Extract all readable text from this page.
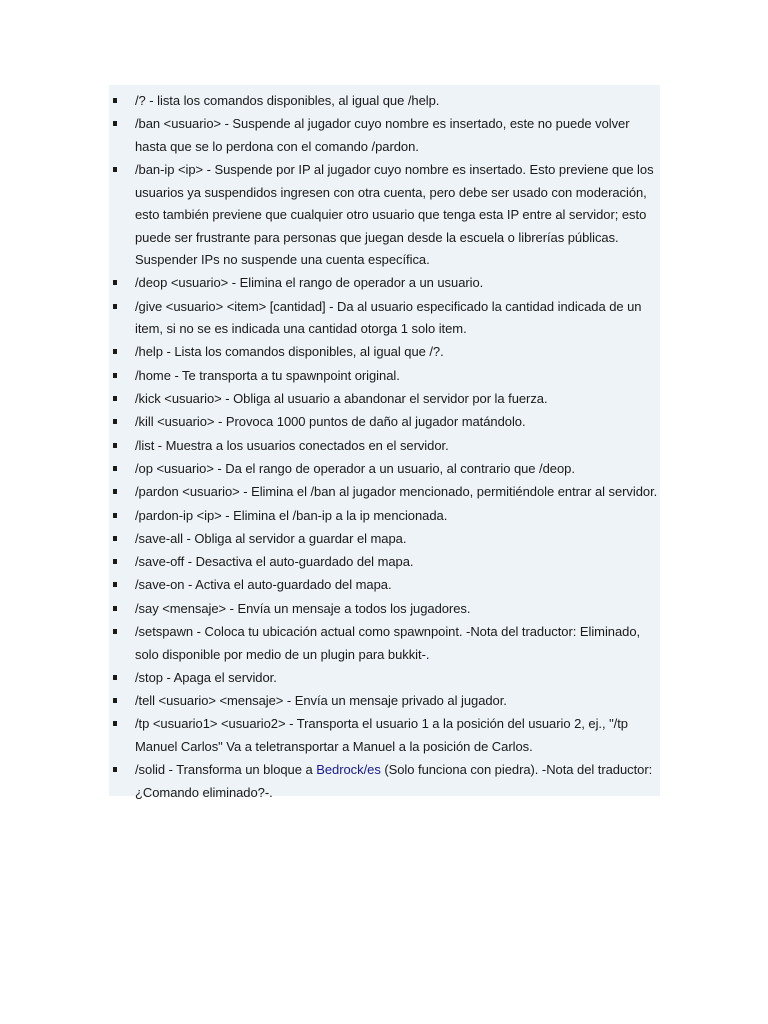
/? - lista los comandos disponibles, al igual que /help.
/ban <usuario> - Suspende al jugador cuyo nombre es insertado, este no puede volver hasta que se lo perdona con el comando /pardon.
/ban-ip <ip> - Suspende por IP al jugador cuyo nombre es insertado. Esto previene que los usuarios ya suspendidos ingresen con otra cuenta, pero debe ser usado con moderación, esto también previene que cualquier otro usuario que tenga esta IP entre al servidor; esto puede ser frustrante para personas que juegan desde la escuela o librerías públicas. Suspender IPs no suspende una cuenta específica.
/deop <usuario> - Elimina el rango de operador a un usuario.
/give <usuario> <item> [cantidad] - Da al usuario especificado la cantidad indicada de un item, si no se es indicada una cantidad otorga 1 solo item.
/help - Lista los comandos disponibles, al igual que /?.
/home - Te transporta a tu spawnpoint original.
/kick <usuario> - Obliga al usuario a abandonar el servidor por la fuerza.
/kill <usuario> - Provoca 1000 puntos de daño al jugador matándolo.
/list - Muestra a los usuarios conectados en el servidor.
/op <usuario> - Da el rango de operador a un usuario, al contrario que /deop.
/pardon <usuario> - Elimina el /ban al jugador mencionado, permitiéndole entrar al servidor.
/pardon-ip <ip> - Elimina el /ban-ip a la ip mencionada.
/save-all - Obliga al servidor a guardar el mapa.
/save-off - Desactiva el auto-guardado del mapa.
/save-on - Activa el auto-guardado del mapa.
/say <mensaje> - Envía un mensaje a todos los jugadores.
/setspawn - Coloca tu ubicación actual como spawnpoint. -Nota del traductor: Eliminado, solo disponible por medio de un plugin para bukkit-.
/stop - Apaga el servidor.
/tell <usuario> <mensaje> - Envía un mensaje privado al jugador.
/tp <usuario1> <usuario2> - Transporta el usuario 1 a la posición del usuario 2, ej., "/tp Manuel Carlos" Va a teletransportar a Manuel a la posición de Carlos.
/solid - Transforma un bloque a Bedrock/es (Solo funciona con piedra). -Nota del traductor: ¿Comando eliminado?-.
